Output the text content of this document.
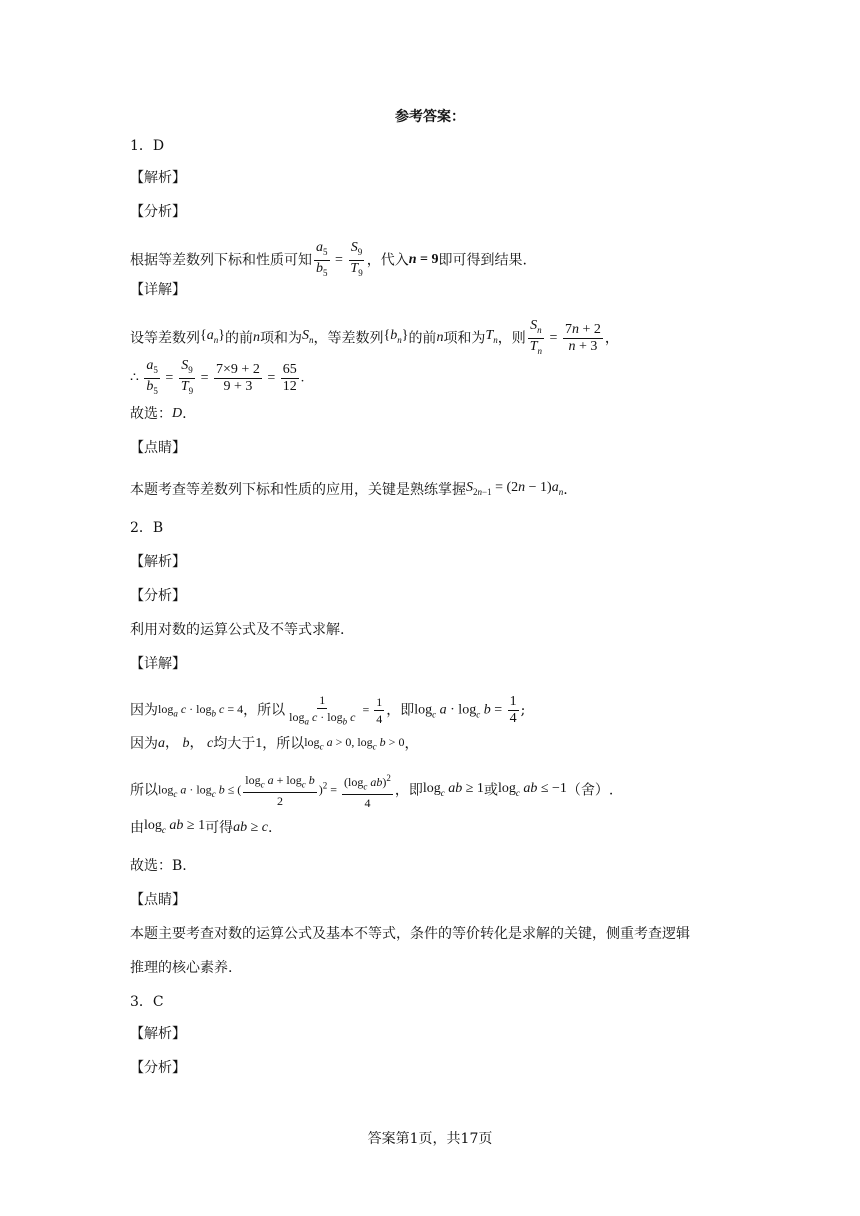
参考答案：
1．D
【解析】
【分析】
根据等差数列下标和性质可知 $\frac{a_5}{b_5} = \frac{S_9}{T_9}$ ，代入n = 9即可得到结果.
【详解】
设等差数列$\{a_n\}$的前n项和为$S_n$，等差数列$\{b_n\}$的前n项和为$T_n$，则 $\frac{S_n}{T_n} = \frac{7n + 2}{n + 3}$ ，
∴ $\frac{a_5}{b_5} = \frac{S_9}{T_9} = \frac{7\times 9 + 2}{9 + 3} = \frac{65}{12}$ .
故选：D.
【点睛】
本题考查等差数列下标和性质的应用，关键是熟练掌握$S_{2n-1} = (2n - 1)a_n$.
2．B
【解析】
【分析】
利用对数的运算公式及不等式求解.
【详解】
因为$\log_a c \cdot \log_b c = 4$，所以 $\frac{1}{\log_a c \cdot \log_b c} = \frac{1}{4}$ ，即$\log_c a \cdot \log_c b = \frac{1}{4}$ ;
因为a， b， c均大于1，所以$\log_c a > 0$, $\log_c b > 0$，
所以$\log_c a \cdot \log_c b$ ≤ ( $\frac{\log_c a + \log_c b}{2} )^2 = \frac{(\log_c ab)^2}{4}$ ，即$\log_c$ ab ≥ 1或$\log_c$ ab ≤ −1（舍）.
由$\log_c$ ab ≥ 1可得ab ≥ c.
故选：B.
【点睛】
本题主要考查对数的运算公式及基本不等式，条件的等价转化是求解的关键，侧重考查逻辑
推理的核心素养.
3．C
【解析】
【分析】
答案第1页，共17页
